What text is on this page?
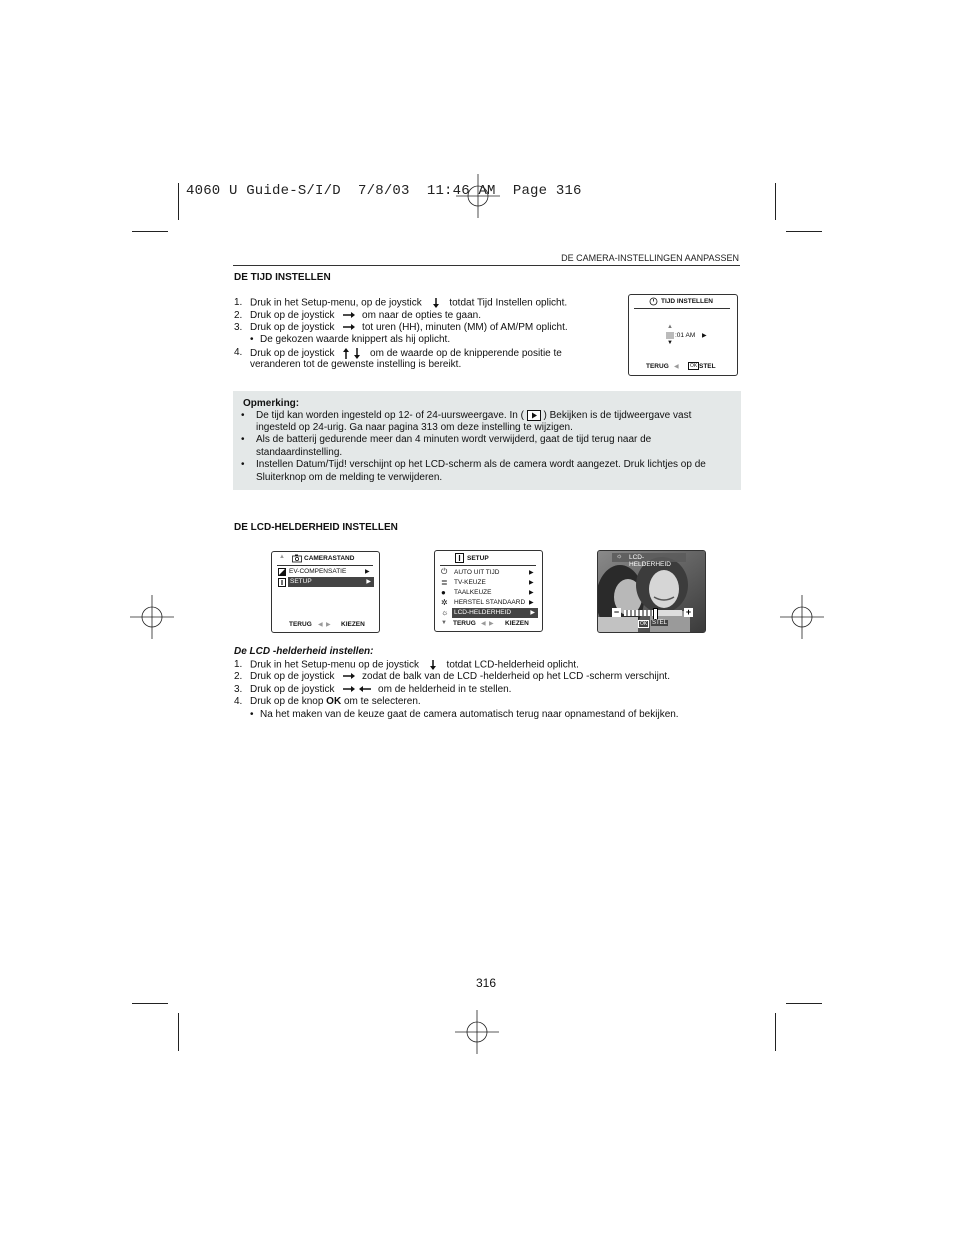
4060 U Guide-S/I/D  7/8/03  11:46 AM  Page 316
DE CAMERA-INSTELLINGEN AANPASSEN
DE TIJD INSTELLEN
1. Druk in het Setup-menu, op de joystick	totdat Tijd Instellen oplicht.
2. Druk op de joystick	om naar de opties te gaan.
3. Druk op de joystick	tot uren (HH), minuten (MM) of AM/PM oplicht.
• De gekozen waarde knippert als hij oplicht.
4. Druk op de joystick	om de waarde op de knipperende positie te
veranderen tot de gewenste instelling is bereikt.
TIJD INSTELLEN
▲
:01 AM ▶
▼
TERUG ◀	OK STEL
Opmerking:
• De tijd kan worden ingesteld op 12- of 24-uursweergave. In ( ) Bekijken is de tijdweergave vast
ingesteld op 24-urig. Ga naar pagina 313 om deze instelling te wijzigen.
• Als de batterij gedurende meer dan 4 minuten wordt verwijderd, gaat de tijd terug naar de
standaardinstelling.
• Instellen Datum/Tijd! verschijnt op het LCD-scherm als de camera wordt aangezet. Druk lichtjes op de
Sluiterknop om de melding te verwijderen.
DE LCD-HELDERHEID INSTELLEN
▲	CAMERASTAND
EV-COMPENSATIE	▶
SETUP	▶
TERUG ◀  ▶ KIEZEN
SETUP
⏻ AUTO UIT TIJD	▶
≣ TV-KEUZE	▶
● TAALKEUZE	▶
✲ HERSTEL STANDAARD ▶
☼ LCD-HELDERHEID	▶
▼ TERUG ◀  ▶ KIEZEN
☼ LCD-HELDERHEID
−	+
OK STEL
De LCD -helderheid instellen:
1. Druk in het Setup-menu op de joystick	totdat LCD-helderheid oplicht.
2. Druk op de joystick	zodat de balk van de LCD -helderheid op het LCD -scherm verschijnt.
3. Druk op de joystick	om de helderheid in te stellen.
4. Druk op de knop OK om te selecteren.
• Na het maken van de keuze gaat de camera automatisch terug naar opnamestand of bekijken.
316
